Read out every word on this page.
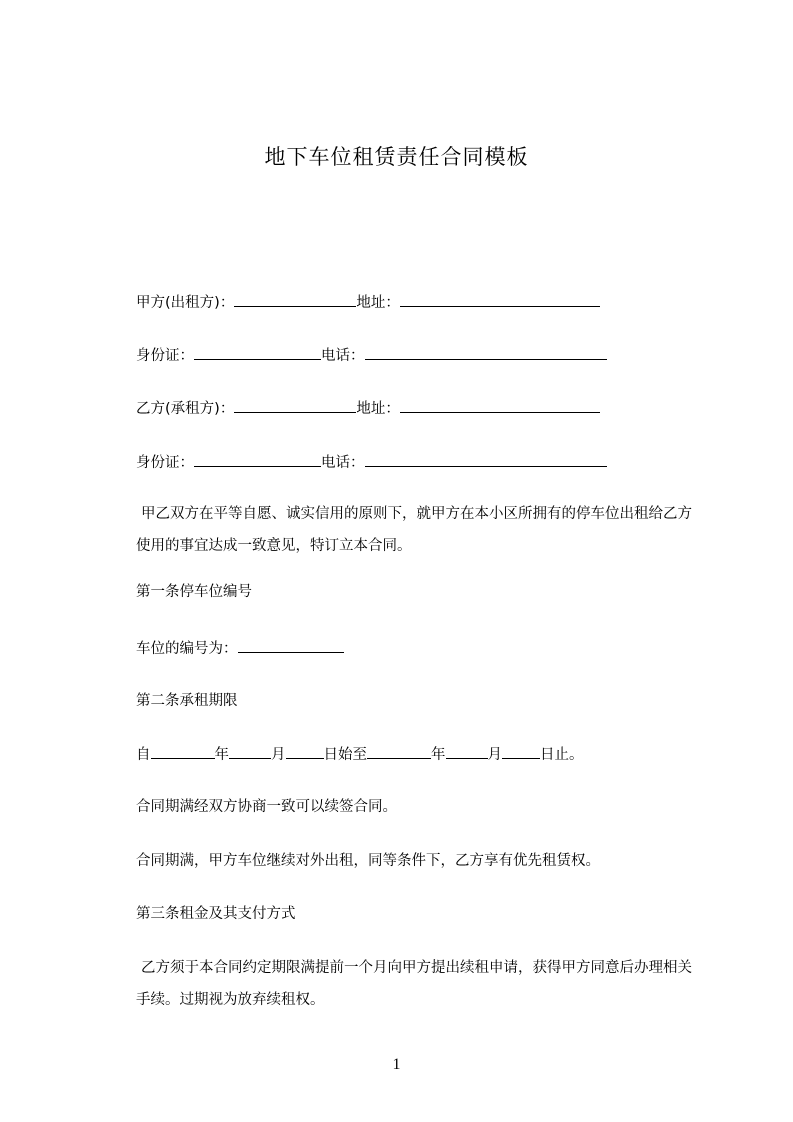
地下车位租赁责任合同模板
甲方(出租方)：	地址：
身份证：	电话：
乙方(承租方)：	地址：
身份证：	电话：
甲乙双方在平等自愿、诚实信用的原则下，就甲方在本小区所拥有的停车位出租给乙方使用的事宜达成一致意见，特订立本合同。
第一条停车位编号
车位的编号为：
第二条承租期限
自	年	月	日始至	年	月	日止。
合同期满经双方协商一致可以续签合同。
合同期满，甲方车位继续对外出租，同等条件下，乙方享有优先租赁权。
第三条租金及其支付方式
乙方须于本合同约定期限满提前一个月向甲方提出续租申请，获得甲方同意后办理相关手续。过期视为放弃续租权。
1
